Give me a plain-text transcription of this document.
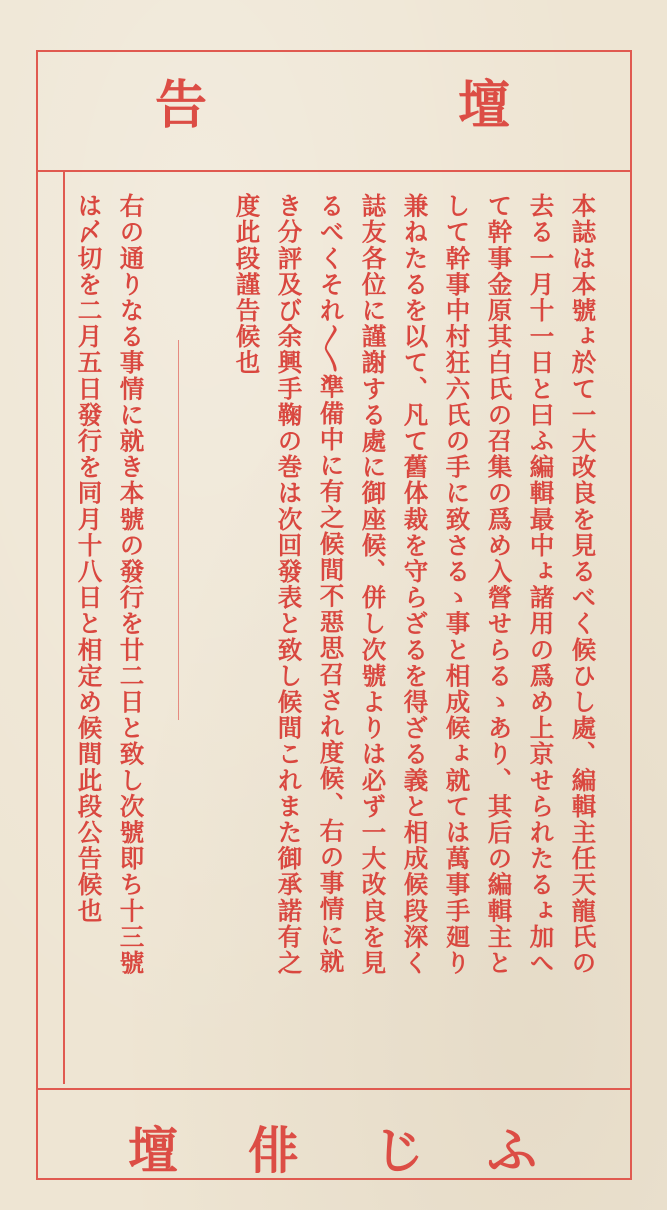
壇
告
本誌は本號ょ於て一大改良を見るべく候ひし處、編輯主任天龍氏の
去る一月十一日と曰ふ編輯最中ょ諸用の爲め上京せられたるょ加へ
て幹事金原其白氏の召集の爲め入營せらるゝあり、其后の編輯主と
して幹事中村狂六氏の手に致さるゝ事と相成候ょ就ては萬事手廻り
兼ねたるを以て、凡て舊体裁を守らざるを得ざる義と相成候段深く
誌友各位に謹謝する處に御座候、併し次號よりは必ず一大改良を見
るべくそれ〳〵準備中に有之候間不惡思召され度候、右の事情に就
き分評及び余興手鞠の巻は次回發表と致し候間これまた御承諾有之
度此段謹告候也
右の通りなる事情に就き本號の發行を廿二日と致し次號即ち十三號
は〆切を二月五日發行を同月十八日と相定め候間此段公告候也
ふ
じ
俳
壇
